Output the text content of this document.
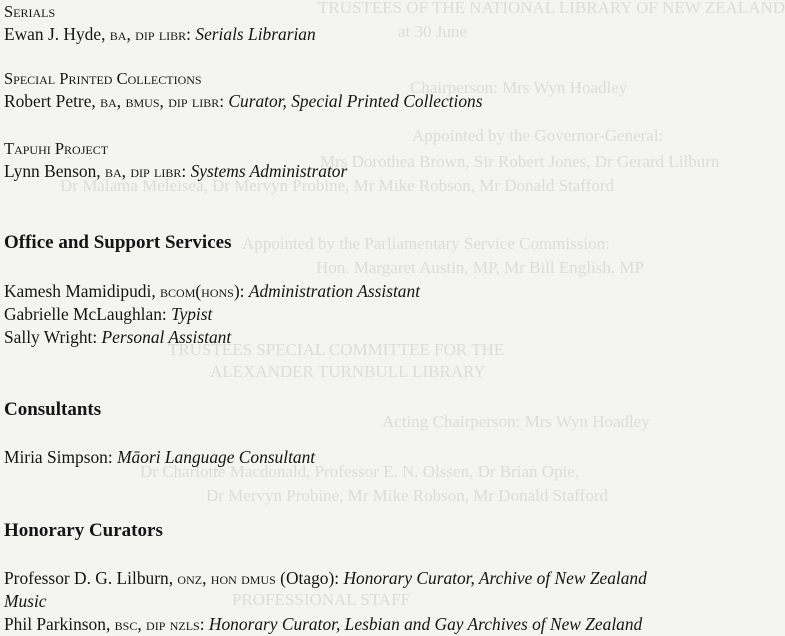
TRUSTEES OF THE NATIONAL LIBRARY OF NEW ZEALAND
at 30 June
Chairperson: Mrs Wyn Hoadley
Appointed by the Governor-General:
Mrs Dorothea Brown, Sir Robert Jones, Dr Gerard Lilburn
Dr Malama Meleisea, Dr Mervyn Probine, Mr Mike Robson, Mr Donald Stafford
Appointed by the Parliamentary Service Commission:
Hon. Margaret Austin, MP, Mr Bill English, MP
TRUSTEES SPECIAL COMMITTEE FOR THE
ALEXANDER TURNBULL LIBRARY
Acting Chairperson: Mrs Wyn Hoadley
Dr Charlotte Macdonald, Professor E. N. Olssen, Dr Brian Opie,
Dr Mervyn Probine, Mr Mike Robson, Mr Donald Stafford
PROFESSIONAL STAFF
Serials
Ewan J. Hyde, ba, dip libr: Serials Librarian
Special Printed Collections
Robert Petre, ba, bmus, dip libr: Curator, Special Printed Collections
Tapuhi Project
Lynn Benson, ba, dip libr: Systems Administrator
Office and Support Services
Kamesh Mamidipudi, bcom(hons): Administration Assistant
Gabrielle McLaughlan: Typist
Sally Wright: Personal Assistant
Consultants
Miria Simpson: Māori Language Consultant
Honorary Curators
Professor D. G. Lilburn, onz, hon dmus (Otago): Honorary Curator, Archive of New Zealand
Music
Phil Parkinson, bsc, dip nzls: Honorary Curator, Lesbian and Gay Archives of New Zealand
